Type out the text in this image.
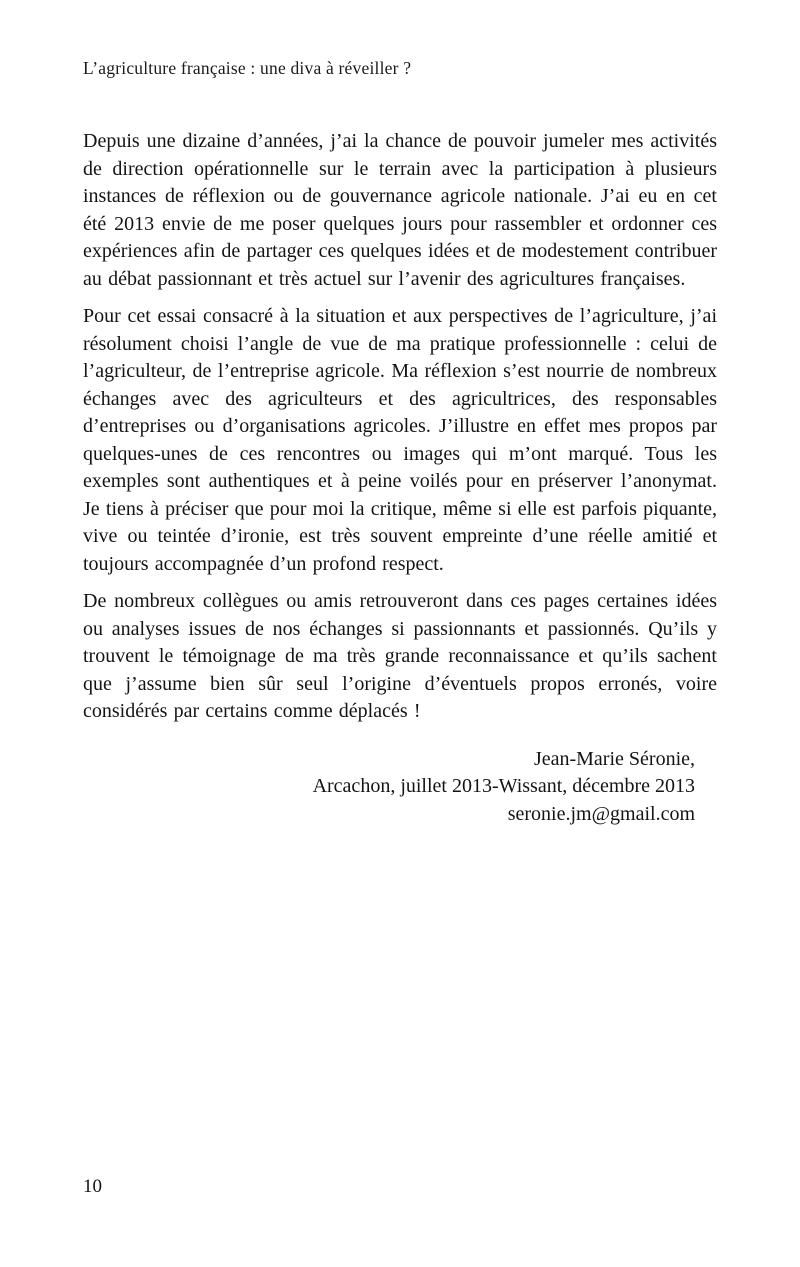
L’agriculture française : une diva à réveiller ?

Depuis une dizaine d’années, j’ai la chance de pouvoir jumeler mes activités de direction opérationnelle sur le terrain avec la participation à plusieurs instances de réflexion ou de gouvernance agricole nationale. J’ai eu en cet été 2013 envie de me poser quelques jours pour rassembler et ordonner ces expériences afin de partager ces quelques idées et de modestement contribuer au débat passionnant et très actuel sur l’avenir des agricultures françaises.

Pour cet essai consacré à la situation et aux perspectives de l’agriculture, j’ai résolument choisi l’angle de vue de ma pratique professionnelle : celui de l’agriculteur, de l’entreprise agricole. Ma réflexion s’est nourrie de nombreux échanges avec des agriculteurs et des agricultrices, des responsables d’entreprises ou d’organisations agricoles. J’illustre en effet mes propos par quelques-unes de ces rencontres ou images qui m’ont marqué. Tous les exemples sont authentiques et à peine voilés pour en préserver l’anonymat. Je tiens à préciser que pour moi la critique, même si elle est parfois piquante, vive ou teintée d’ironie, est très souvent empreinte d’une réelle amitié et toujours accompagnée d’un profond respect.

De nombreux collègues ou amis retrouveront dans ces pages certaines idées ou analyses issues de nos échanges si passionnants et passionnés. Qu’ils y trouvent le témoignage de ma très grande reconnaissance et qu’ils sachent que j’assume bien sûr seul l’origine d’éventuels propos erronés, voire considérés par certains comme déplacés !

Jean-Marie Séronie,
Arcachon, juillet 2013-Wissant, décembre 2013
seronie.jm@gmail.com
10
